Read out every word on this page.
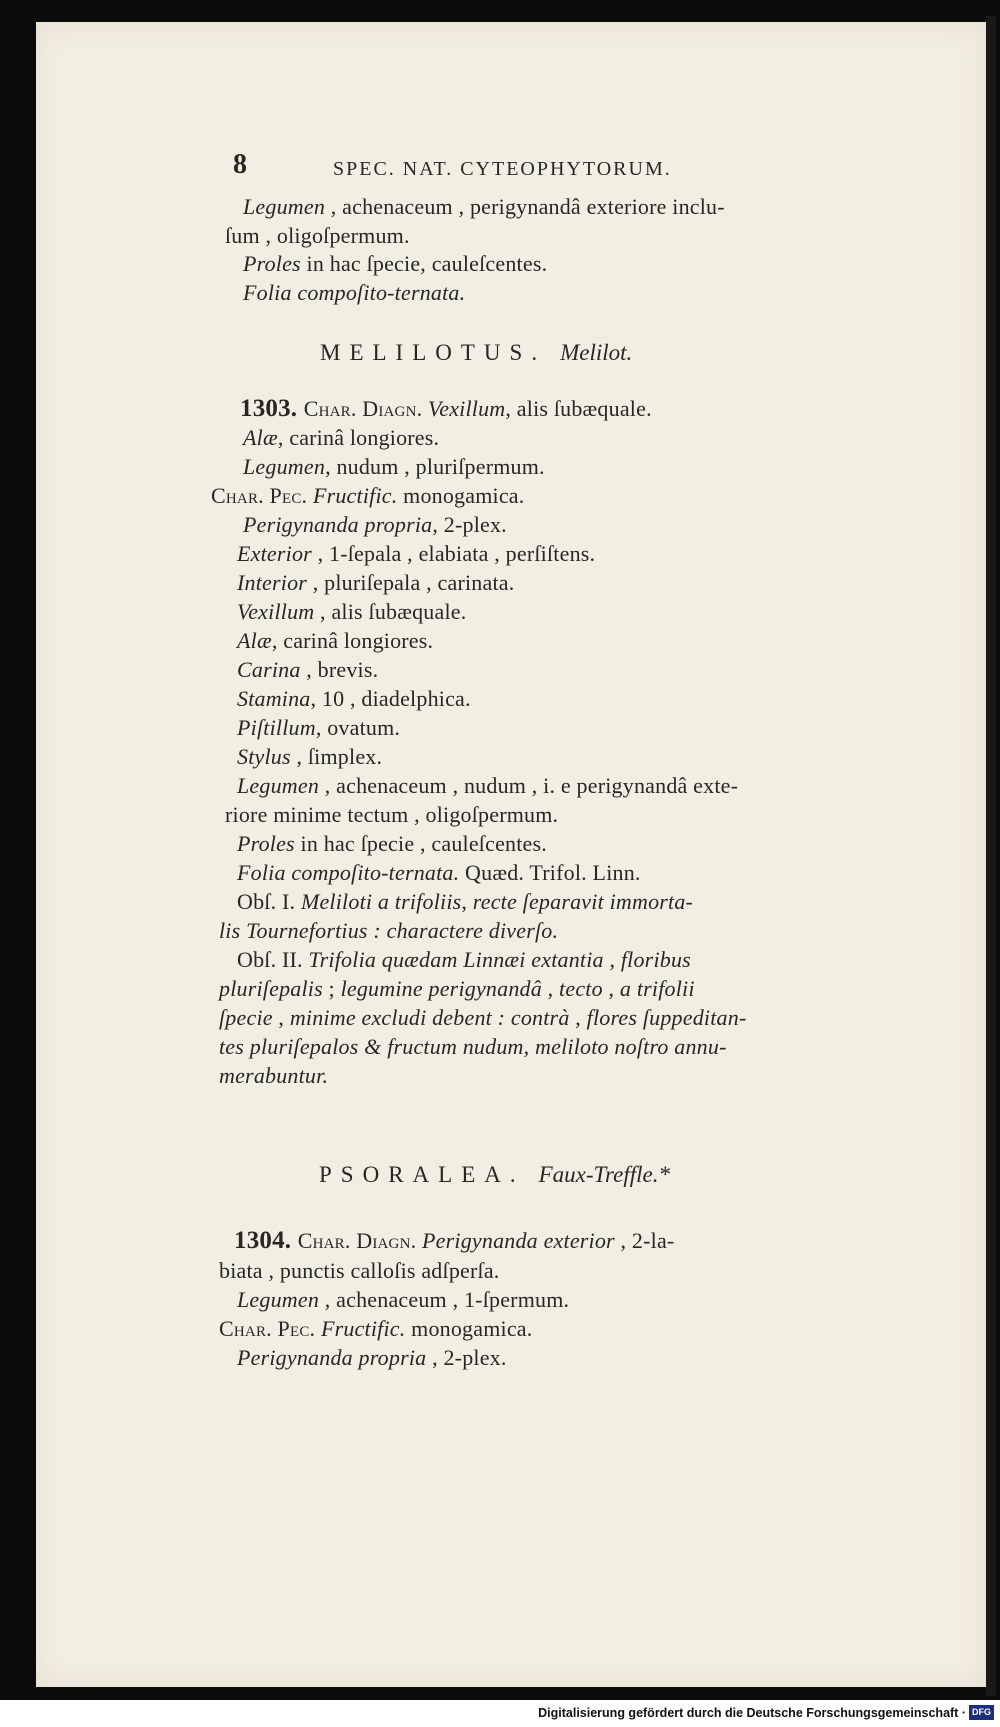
8	SPEC. NAT. CYTEOPHYTORUM.
Legumen , achenaceum , perigynandâ exteriore inclu-
ſum , oligoſpermum.
Proles in hac ſpecie, cauleſcentes.
Folia compoſito-ternata.
MELILOTUS. Melilot.
1303. Char. Diagn. Vexillum, alis ſubæquale.
Alæ, carinâ longiores.
Legumen, nudum , pluriſpermum.
Char. Pec. Fructific. monogamica.
Perigynanda propria, 2-plex.
Exterior , 1-ſepala , elabiata , perſiſtens.
Interior , pluriſepala , carinata.
Vexillum , alis ſubæquale.
Alæ, carinâ longiores.
Carina , brevis.
Stamina, 10 , diadelphica.
Piſtillum, ovatum.
Stylus , ſimplex.
Legumen , achenaceum , nudum , i. e perigynandâ exte-
riore minime tectum , oligoſpermum.
Proles in hac ſpecie , cauleſcentes.
Folia compoſito-ternata. Quæd. Trifol. Linn.
Obſ. I. Meliloti a trifoliis, recte ſeparavit immorta-
lis Tournefortius : charactere diverſo.
Obſ. II. Trifolia quædam Linnæi extantia , floribus
pluriſepalis ; legumine perigynandâ , tecto , a trifolii
ſpecie , minime excludi debent : contrà , flores ſuppeditan-
tes pluriſepalos & fructum nudum, meliloto noſtro annu-
merabuntur.
PSORALEA. Faux-Treffle.*
1304. Char. Diagn. Perigynanda exterior , 2-la-
biata , punctis calloſis adſperſa.
Legumen , achenaceum , 1-ſpermum.
Char. Pec. Fructific. monogamica.
Perigynanda propria , 2-plex.
Digitalisierung gefördert durch die Deutsche Forschungsgemeinschaft · DFG
